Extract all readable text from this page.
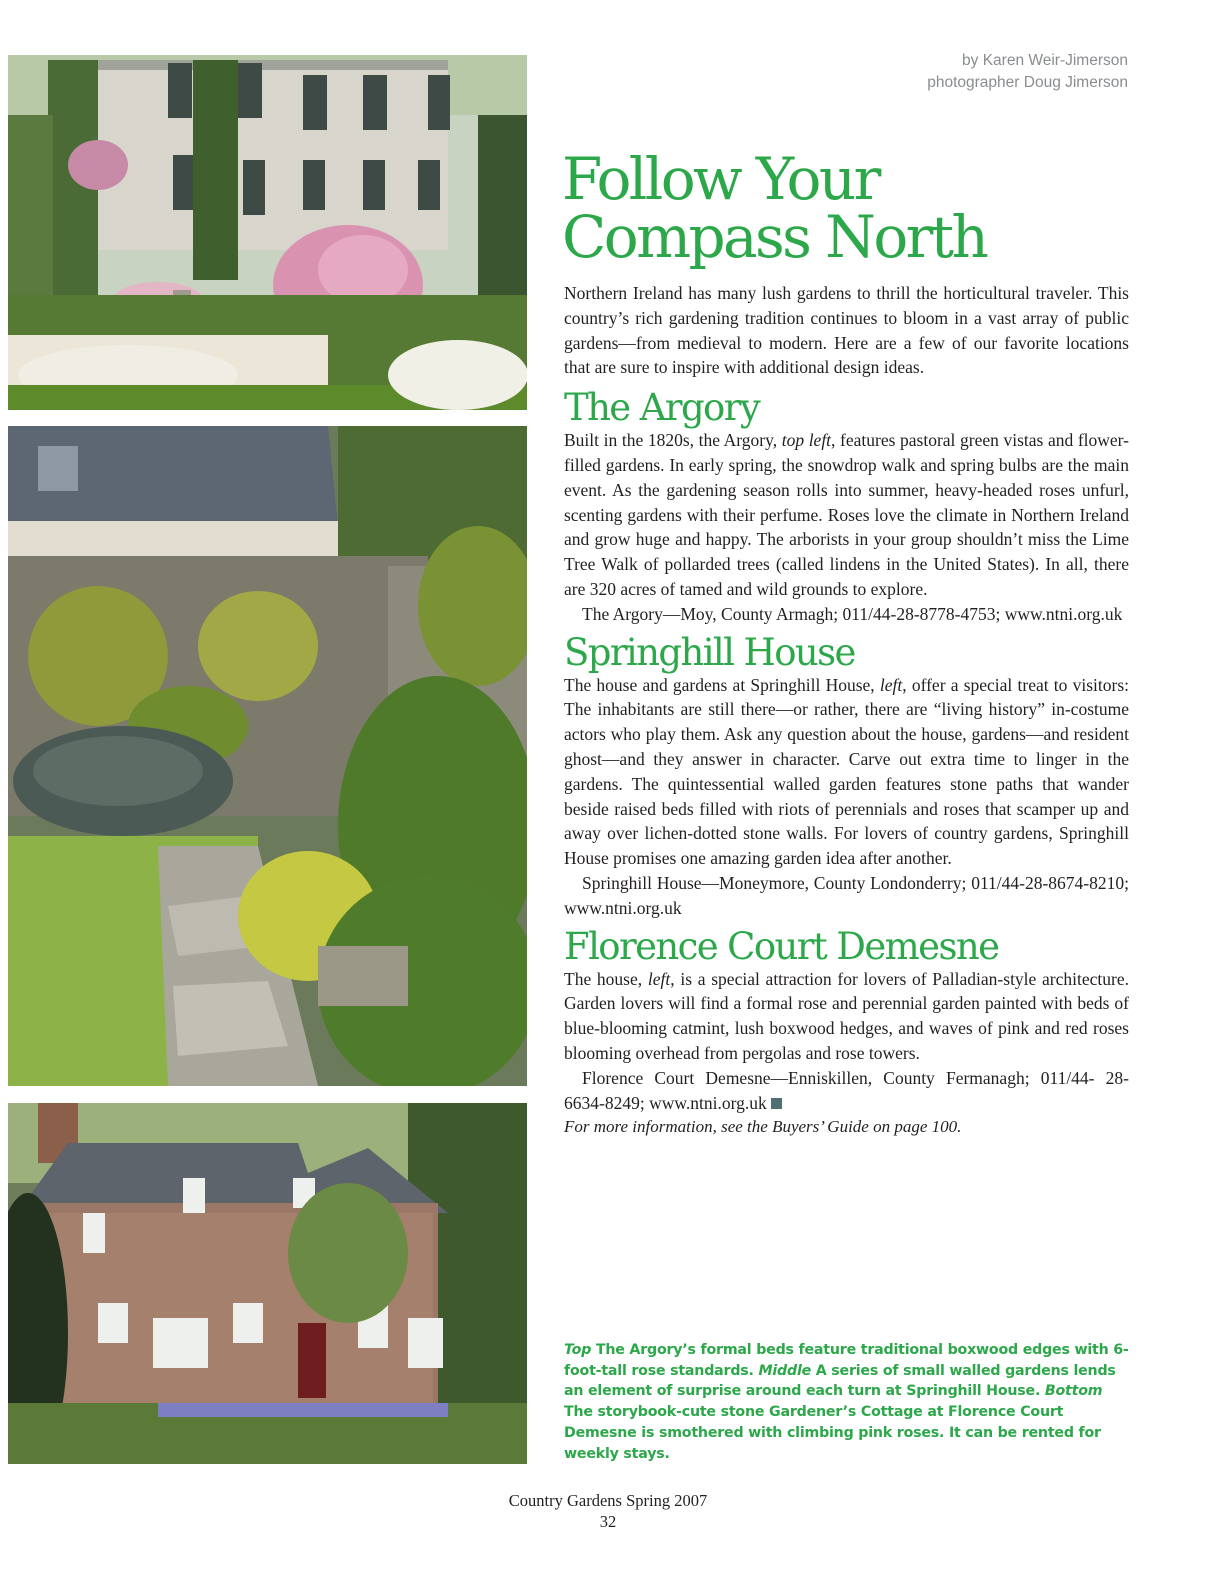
by Karen Weir-Jimerson
photographer Doug Jimerson
Follow Your
Compass North

Northern Ireland has many lush gardens to thrill the horticultural traveler. This country’s rich gardening tradition continues to bloom in a vast array of public gardens—from medieval to modern. Here are a few of our favorite locations that are sure to inspire with additional design ideas.

The Argory

Built in the 1820s, the Argory, top left, features pastoral green vistas and flower-filled gardens. In early spring, the snowdrop walk and spring bulbs are the main event. As the gardening season rolls into summer, heavy-headed roses unfurl, scenting gardens with their perfume. Roses love the climate in Northern Ireland and grow huge and happy. The arborists in your group shouldn’t miss the Lime Tree Walk of pollarded trees (called lindens in the United States). In all, there are 320 acres of tamed and wild grounds to explore.

The Argory—Moy, County Armagh; 011/44-28-8778-4753; www.ntni.org.uk

Springhill House

The house and gardens at Springhill House, left, offer a special treat to visitors: The inhabitants are still there—or rather, there are “living history” in-costume actors who play them. Ask any question about the house, gardens—and resident ghost—and they answer in character. Carve out extra time to linger in the gardens. The quintessential walled garden features stone paths that wander beside raised beds filled with riots of perennials and roses that scamper up and away over lichen-dotted stone walls. For lovers of country gardens, Springhill House promises one amazing garden idea after another.

Springhill House—Moneymore, County Londonderry; 011/44-28-8674-8210; www.ntni.org.uk

Florence Court Demesne

The house, left, is a special attraction for lovers of Palladian-style architecture. Garden lovers will find a formal rose and perennial garden painted with beds of blue-blooming catmint, lush boxwood hedges, and waves of pink and red roses blooming overhead from pergolas and rose towers.

Florence Court Demesne—Enniskillen, County Fermanagh; 011/44- 28-6634-8249; www.ntni.org.uk

For more information, see the Buyers’ Guide on page 100.

Top The Argory’s formal beds feature traditional boxwood edges with 6-foot-tall rose standards. Middle A series of small walled gardens lends an element of surprise around each turn at Springhill House. Bottom The storybook-cute stone Gardener’s Cottage at Florence Court Demesne is smothered with climbing pink roses. It can be rented for weekly stays.
Country Gardens Spring 2007
32
